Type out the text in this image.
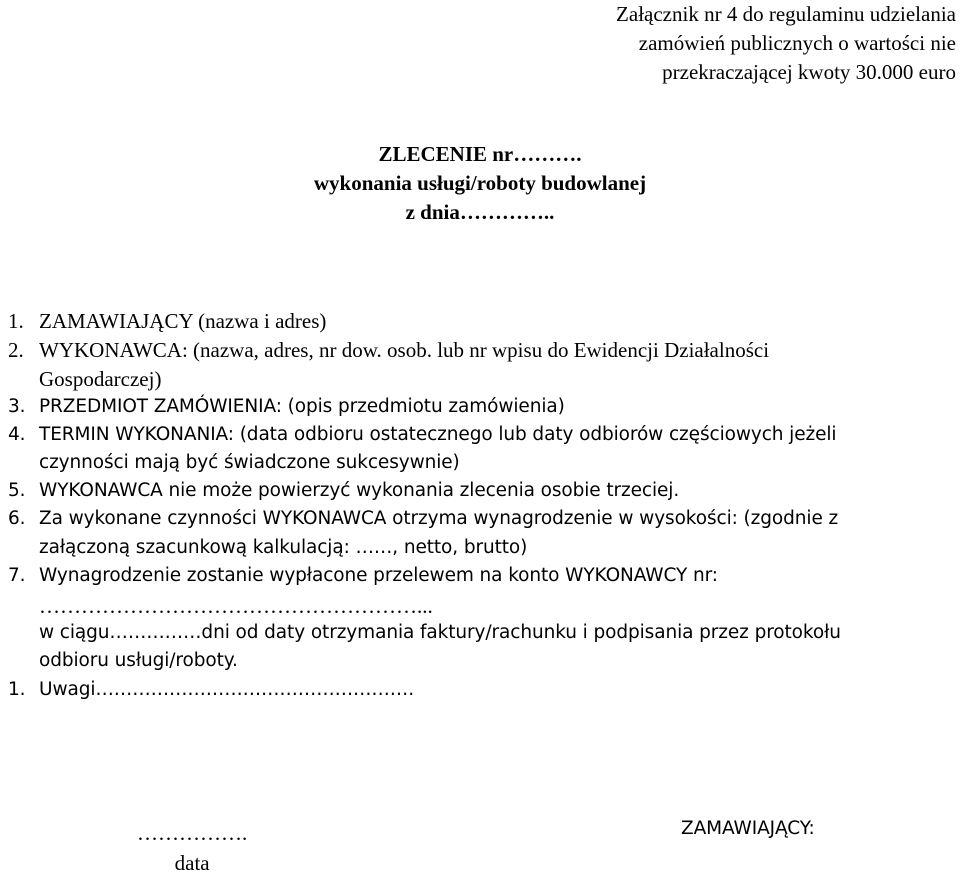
Załącznik nr 4 do regulaminu udzielania
zamówień publicznych o wartości nie
przekraczającej kwoty 30.000 euro
ZLECENIE nr……….
wykonania usługi/roboty budowlanej
z dnia…………..
1. ZAMAWIAJĄCY (nazwa i adres)
2. WYKONAWCA: (nazwa, adres, nr dow. osob. lub nr wpisu do Ewidencji Działalności
Gospodarczej)
3. PRZEDMIOT ZAMÓWIENIA: (opis przedmiotu zamówienia)
4. TERMIN WYKONANIA: (data odbioru ostatecznego lub daty odbiorów częściowych jeżeli
czynności mają być świadczone sukcesywnie)
5. WYKONAWCA nie może powierzyć wykonania zlecenia osobie trzeciej.
6. Za wykonane czynności WYKONAWCA otrzyma wynagrodzenie w wysokości: (zgodnie z
załączoną szacunkową kalkulacją: ……, netto, brutto)
7. Wynagrodzenie zostanie wypłacone przelewem na konto WYKONAWCY nr:
………………………………………………...
w ciągu……………dni od daty otrzymania faktury/rachunku i podpisania przez protokołu
odbioru usługi/roboty.
1. Uwagi…………………………………………….
…………….
data
ZAMAWIAJĄCY:
